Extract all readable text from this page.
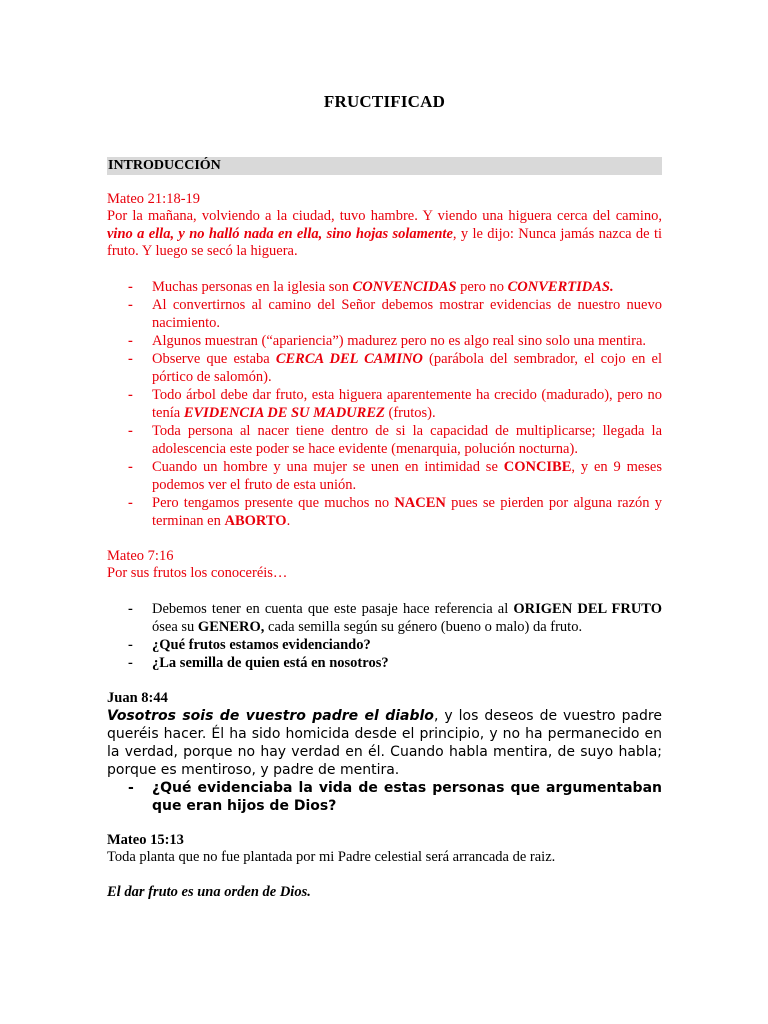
FRUCTIFICAD
INTRODUCCIÓN
Mateo 21:18-19
Por la mañana, volviendo a la ciudad, tuvo hambre. Y viendo una higuera cerca del camino, vino a ella, y no halló nada en ella, sino hojas solamente, y le dijo: Nunca jamás nazca de ti fruto. Y luego se secó la higuera.
- Muchas personas en la iglesia son CONVENCIDAS pero no CONVERTIDAS.
- Al convertirnos al camino del Señor debemos mostrar evidencias de nuestro nuevo nacimiento.
- Algunos muestran (“apariencia”) madurez pero no es algo real sino solo una mentira.
- Observe que estaba CERCA DEL CAMINO (parábola del sembrador, el cojo en el pórtico de salomón).
- Todo árbol debe dar fruto, esta higuera aparentemente ha crecido (madurado), pero no tenía EVIDENCIA DE SU MADUREZ (frutos).
- Toda persona al nacer tiene dentro de si la capacidad de multiplicarse; llegada la adolescencia este poder se hace evidente (menarquia, polución nocturna).
- Cuando un hombre y una mujer se unen en intimidad se CONCIBE, y en 9 meses podemos ver el fruto de esta unión.
- Pero tengamos presente que muchos no NACEN pues se pierden por alguna razón y terminan en ABORTO.
Mateo 7:16
Por sus frutos los conoceréis…
- Debemos tener en cuenta que este pasaje hace referencia al ORIGEN DEL FRUTO ósea su GENERO, cada semilla según su género (bueno o malo) da fruto.
- ¿Qué frutos estamos evidenciando?
- ¿La semilla de quien está en nosotros?
Juan 8:44
Vosotros sois de vuestro padre el diablo, y los deseos de vuestro padre queréis hacer. Él ha sido homicida desde el principio, y no ha permanecido en la verdad, porque no hay verdad en él. Cuando habla mentira, de suyo habla; porque es mentiroso, y padre de mentira.
- ¿Qué evidenciaba la vida de estas personas que argumentaban que eran hijos de Dios?
Mateo 15:13
Toda planta que no fue plantada por mi Padre celestial será arrancada de raiz.
El dar fruto es una orden de Dios.
